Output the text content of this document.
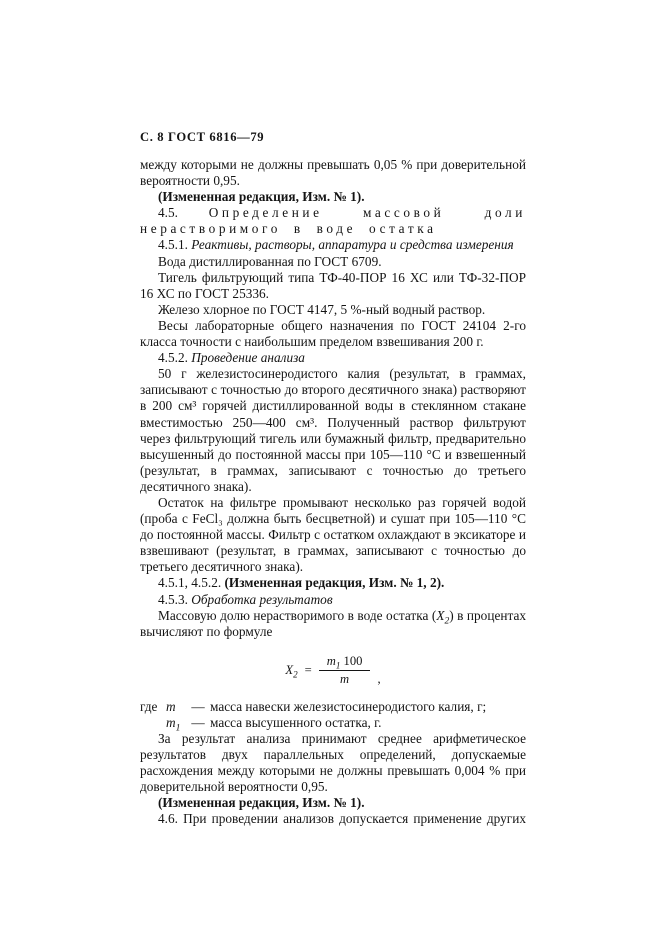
С. 8 ГОСТ 6816—79

между которыми не должны превышать 0,05 % при доверительной вероятности 0,95.

(Измененная редакция, Изм. № 1).

4.5. Определение массовой доли нерастворимого в воде остатка

4.5.1. Реактивы, растворы, аппаратура и средства измерения

Вода дистиллированная по ГОСТ 6709.

Тигель фильтрующий типа ТФ-40-ПОР 16 ХС или ТФ-32-ПОР 16 ХС по ГОСТ 25336.

Железо хлорное по ГОСТ 4147, 5 %-ный водный раствор.

Весы лабораторные общего назначения по ГОСТ 24104 2-го класса точности с наибольшим пределом взвешивания 200 г.

4.5.2. Проведение анализа

50 г железистосинеродистого калия (результат, в граммах, записывают с точностью до второго десятичного знака) растворяют в 200 см³ горячей дистиллированной воды в стеклянном стакане вместимостью 250—400 см³. Полученный раствор фильтруют через фильтрующий тигель или бумажный фильтр, предварительно высушенный до постоянной массы при 105—110 °С и взвешенный (результат, в граммах, записывают с точностью до третьего десятичного знака).

Остаток на фильтре промывают несколько раз горячей водой (проба с FeCl₃ должна быть бесцветной) и сушат при 105—110 °С до постоянной массы. Фильтр с остатком охлаждают в эксикаторе и взвешивают (результат, в граммах, записывают с точностью до третьего десятичного знака).

4.5.1, 4.5.2. (Измененная редакция, Изм. № 1, 2).

4.5.3. Обработка результатов

Массовую долю нерастворимого в воде остатка $(X_2)$ в процентах вычисляют по формуле

$X_2 = \frac{m_1 100}{m}$ ,
где m	— масса навески железистосинеродистого калия, г;
$m_1$ — масса высушенного остатка, г.

За результат анализа принимают среднее арифметическое результатов двух параллельных определений, допускаемые расхождения между которыми не должны превышать 0,004 % при доверительной вероятности 0,95.

(Измененная редакция, Изм. № 1).

4.6. При проведении анализов допускается применение других
